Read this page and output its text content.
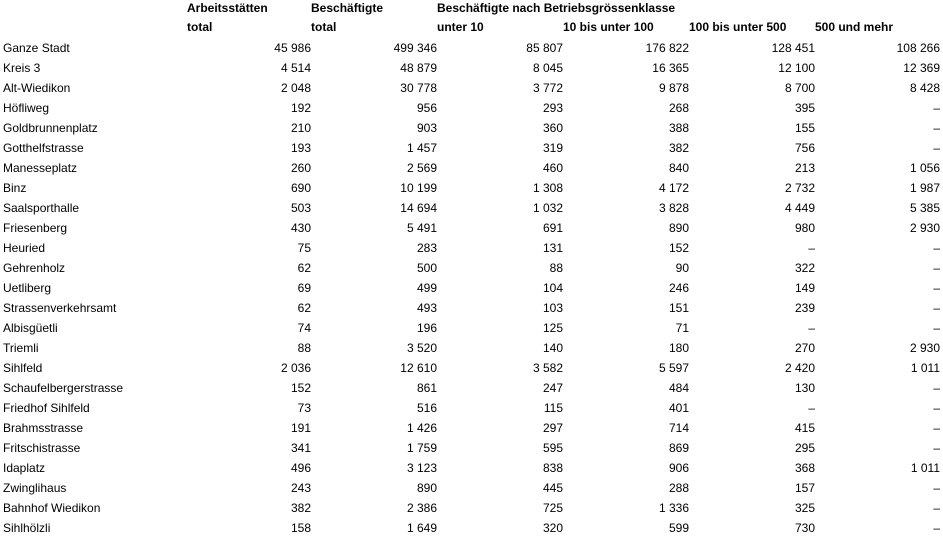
	Arbeitsstätten	Beschäftigte	Beschäftigte nach Betriebsgrössenklasse			
	total	total	unter 10	10 bis unter 100	100 bis unter 500	500 und mehr
Ganze Stadt	45 986	499 346	85 807	176 822	128 451	108 266
Kreis 3	4 514	48 879	8 045	16 365	12 100	12 369
Alt-Wiedikon	2 048	30 778	3 772	9 878	8 700	8 428
Höfliweg	192	956	293	268	395	–
Goldbrunnenplatz	210	903	360	388	155	–
Gotthelfstrasse	193	1 457	319	382	756	–
Manesseplatz	260	2 569	460	840	213	1 056
Binz	690	10 199	1 308	4 172	2 732	1 987
Saalsporthalle	503	14 694	1 032	3 828	4 449	5 385
Friesenberg	430	5 491	691	890	980	2 930
Heuried	75	283	131	152	–	–
Gehrenholz	62	500	88	90	322	–
Uetliberg	69	499	104	246	149	–
Strassenverkehrsamt	62	493	103	151	239	–
Albisgüetli	74	196	125	71	–	–
Triemli	88	3 520	140	180	270	2 930
Sihlfeld	2 036	12 610	3 582	5 597	2 420	1 011
Schaufelbergerstrasse	152	861	247	484	130	–
Friedhof Sihlfeld	73	516	115	401	–	–
Brahmsstrasse	191	1 426	297	714	415	–
Fritschistrasse	341	1 759	595	869	295	–
Idaplatz	496	3 123	838	906	368	1 011
Zwinglihaus	243	890	445	288	157	–
Bahnhof Wiedikon	382	2 386	725	1 336	325	–
Sihlhölzli	158	1 649	320	599	730	–
